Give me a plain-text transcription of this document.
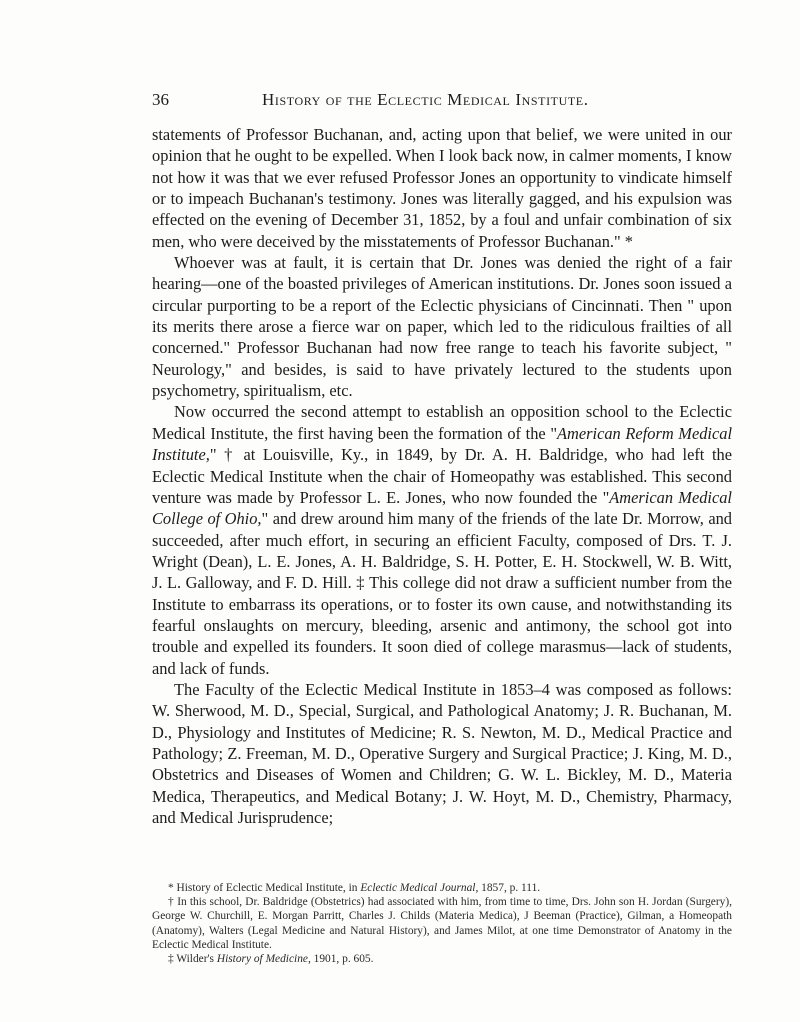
36	History of the Eclectic Medical Institute.

statements of Professor Buchanan, and, acting upon that belief, we were united in our opinion that he ought to be expelled. When I look back now, in calmer moments, I know not how it was that we ever refused Professor Jones an opportunity to vindicate himself or to impeach Buchanan's testimony. Jones was literally gagged, and his expulsion was effected on the evening of December 31, 1852, by a foul and unfair combination of six men, who were deceived by the misstatements of Professor Buchanan." *

Whoever was at fault, it is certain that Dr. Jones was denied the right of a fair hearing—one of the boasted privileges of American institutions. Dr. Jones soon issued a circular purporting to be a report of the Eclectic physicians of Cincinnati. Then " upon its merits there arose a fierce war on paper, which led to the ridiculous frailties of all concerned." Professor Buchanan had now free range to teach his favorite subject, " Neurology," and besides, is said to have privately lectured to the students upon psychometry, spiritualism, etc.

Now occurred the second attempt to establish an opposition school to the Eclectic Medical Institute, the first having been the formation of the "American Reform Medical Institute," † at Louisville, Ky., in 1849, by Dr. A. H. Baldridge, who had left the Eclectic Medical Institute when the chair of Homeopathy was established. This second venture was made by Professor L. E. Jones, who now founded the "American Medical College of Ohio," and drew around him many of the friends of the late Dr. Morrow, and succeeded, after much effort, in securing an efficient Faculty, composed of Drs. T. J. Wright (Dean), L. E. Jones, A. H. Baldridge, S. H. Potter, E. H. Stockwell, W. B. Witt, J. L. Galloway, and F. D. Hill. ‡ This college did not draw a sufficient number from the Institute to embarrass its operations, or to foster its own cause, and notwithstanding its fearful onslaughts on mercury, bleeding, arsenic and antimony, the school got into trouble and expelled its founders. It soon died of college marasmus—lack of students, and lack of funds.

The Faculty of the Eclectic Medical Institute in 1853–4 was composed as follows: W. Sherwood, M. D., Special, Surgical, and Pathological Anatomy; J. R. Buchanan, M. D., Physiology and Institutes of Medicine; R. S. Newton, M. D., Medical Practice and Pathology; Z. Freeman, M. D., Operative Surgery and Surgical Practice; J. King, M. D., Obstetrics and Diseases of Women and Children; G. W. L. Bickley, M. D., Materia Medica, Therapeutics, and Medical Botany; J. W. Hoyt, M. D., Chemistry, Pharmacy, and Medical Jurisprudence;

* History of Eclectic Medical Institute, in Eclectic Medical Journal, 1857, p. 111.

† In this school, Dr. Baldridge (Obstetrics) had associated with him, from time to time, Drs. John son H. Jordan (Surgery), George W. Churchill, E. Morgan Parritt, Charles J. Childs (Materia Medica), J Beeman (Practice), Gilman, a Homeopath (Anatomy), Walters (Legal Medicine and Natural History), and James Milot, at one time Demonstrator of Anatomy in the Eclectic Medical Institute.

‡ Wilder's History of Medicine, 1901, p. 605.
